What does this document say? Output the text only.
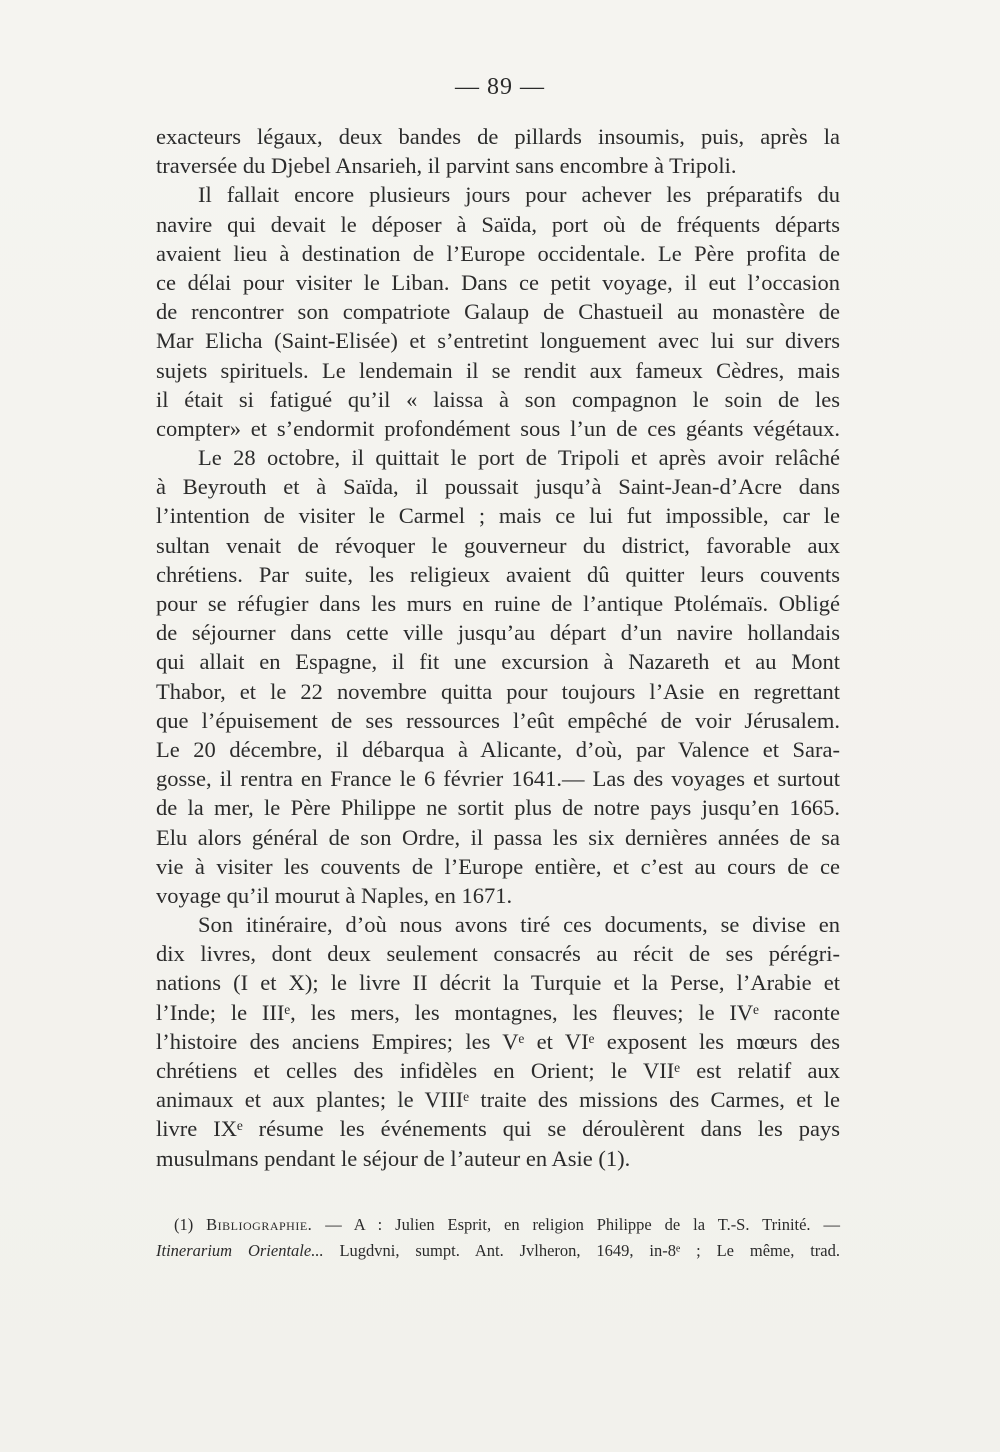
— 89 —
exacteurs légaux, deux bandes de pillards insoumis, puis, après la
traversée du Djebel Ansarieh, il parvint sans encombre à Tripoli.
Il fallait encore plusieurs jours pour achever les préparatifs du
navire qui devait le déposer à Saïda, port où de fréquents départs
avaient lieu à destination de l’Europe occidentale. Le Père profita de
ce délai pour visiter le Liban. Dans ce petit voyage, il eut l’occasion
de rencontrer son compatriote Galaup de Chastueil au monastère de
Mar Elicha (Saint-Elisée) et s’entretint longuement avec lui sur divers
sujets spirituels. Le lendemain il se rendit aux fameux Cèdres, mais
il était si fatigué qu’il « laissa à son compagnon le soin de les
compter» et s’endormit profondément sous l’un de ces géants végétaux.
Le 28 octobre, il quittait le port de Tripoli et après avoir relâché
à Beyrouth et à Saïda, il poussait jusqu’à Saint-Jean-d’Acre dans
l’intention de visiter le Carmel ; mais ce lui fut impossible, car le
sultan venait de révoquer le gouverneur du district, favorable aux
chrétiens. Par suite, les religieux avaient dû quitter leurs couvents
pour se réfugier dans les murs en ruine de l’antique Ptolémaïs. Obligé
de séjourner dans cette ville jusqu’au départ d’un navire hollandais
qui allait en Espagne, il fit une excursion à Nazareth et au Mont
Thabor, et le 22 novembre quitta pour toujours l’Asie en regrettant
que l’épuisement de ses ressources l’eût empêché de voir Jérusalem.
Le 20 décembre, il débarqua à Alicante, d’où, par Valence et Sara-
gosse, il rentra en France le 6 février 1641.— Las des voyages et surtout
de la mer, le Père Philippe ne sortit plus de notre pays jusqu’en 1665.
Elu alors général de son Ordre, il passa les six dernières années de sa
vie à visiter les couvents de l’Europe entière, et c’est au cours de ce
voyage qu’il mourut à Naples, en 1671.
Son itinéraire, d’où nous avons tiré ces documents, se divise en
dix livres, dont deux seulement consacrés au récit de ses pérégri-
nations (I et X); le livre II décrit la Turquie et la Perse, l’Arabie et
l’Inde; le IIIᵉ, les mers, les montagnes, les fleuves; le IVᵉ raconte
l’histoire des anciens Empires; les Vᵉ et VIᵉ exposent les mœurs des
chrétiens et celles des infidèles en Orient; le VIIᵉ est relatif aux
animaux et aux plantes; le VIIIᵉ traite des missions des Carmes, et le
livre IXᵉ résume les événements qui se déroulèrent dans les pays
musulmans pendant le séjour de l’auteur en Asie (1).
(1) Bibliographie. — A : Julien Esprit, en religion Philippe de la T.-S. Trinité. —
Itinerarium Orientale... Lugdvni, sumpt. Ant. Jvlheron, 1649, in-8ᵉ ; Le même, trad.
